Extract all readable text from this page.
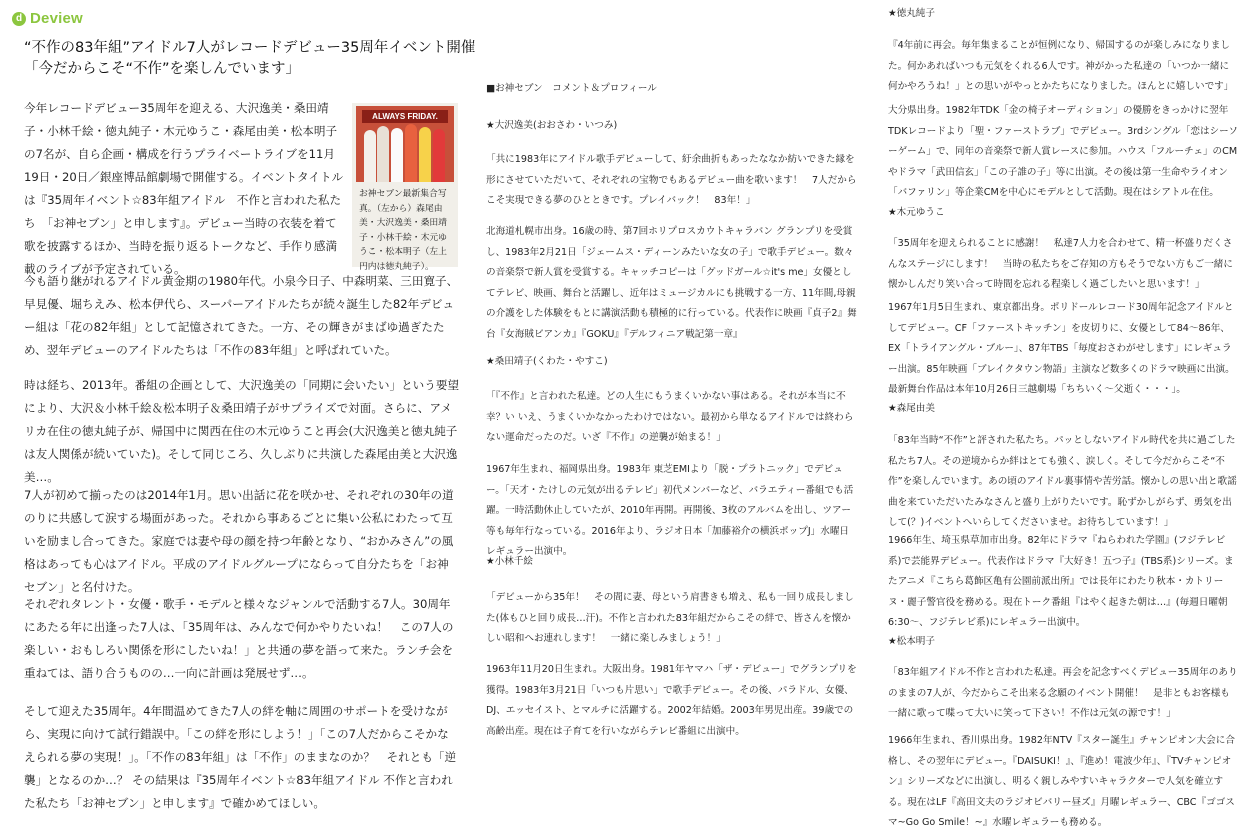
d Deview
“不作の83年組”アイドル7人がレコードデビュー35周年イベント開催
「今だからこそ“不作”を楽しんでいます」

今年レコードデビュー35周年を迎える、大沢逸美・桑田靖子・小林千絵・徳丸純子・木元ゆうこ・森尾由美・松本明子の7名が、自ら企画・構成を行うプライベートライブを11月19日・20日／銀座博品館劇場で開催する。イベントタイトルは『35周年イベント☆83年組アイドル　不作と言われた私たち　「お神セブン」と申します』。デビュー当時の衣装を着て歌を披露するほか、当時を振り返るトークなど、手作り感満載のライブが予定されている。

ALWAYS FRIDAY.

お神セブン最新集合写真。（左から）森尾由美・大沢逸美・桑田靖子・小林千絵・木元ゆうこ・松本明子（左上円内は徳丸純子）。

今も語り継がれるアイドル黄金期の1980年代。小泉今日子、中森明菜、三田寛子、早見優、堀ちえみ、松本伊代ら、スーパーアイドルたちが続々誕生した82年デビュー組は「花の82年組」として記憶されてきた。一方、その輝きがまばゆ過ぎたため、翌年デビューのアイドルたちは「不作の83年組」と呼ばれていた。

時は経ち、2013年。番組の企画として、大沢逸美の「同期に会いたい」という要望により、大沢＆小林千絵＆松本明子＆桑田靖子がサプライズで対面。さらに、アメリカ在住の徳丸純子が、帰国中に関西在住の木元ゆうこと再会(大沢逸美と徳丸純子は友人関係が続いていた)。そして同じころ、久しぶりに共演した森尾由美と大沢逸美…。

7人が初めて揃ったのは2014年1月。思い出話に花を咲かせ、それぞれの30年の道のりに共感して涙する場面があった。それから事あるごとに集い公私にわたって互いを励まし合ってきた。家庭では妻や母の顔を持つ年齢となり、“おかみさん”の風格はあっても心はアイドル。平成のアイドルグループにならって自分たちを「お神セブン」と名付けた。

それぞれタレント・女優・歌手・モデルと様々なジャンルで活動する7人。30周年にあたる年に出逢った7人は、「35周年は、みんなで何かやりたいね！　この7人の楽しい・おもしろい関係を形にしたいね！」と共通の夢を語って来た。ランチ会を重ねては、語り合うものの…一向に計画は発展せず…。

そして迎えた35周年。4年間温めてきた7人の絆を軸に周囲のサポートを受けながら、実現に向けて試行錯誤中。「この絆を形にしよう！」「この7人だからこそかなえられる夢の実現！」。「不作の83年組」は「不作」のままなのか？　それとも「逆襲」となるのか…？ その結果は『35周年イベント☆83年組アイドル 不作と言われた私たち「お神セブン」と申します』で確かめてほしい。

■お神セブン　コメント＆プロフィール

★大沢逸美(おおさわ・いつみ)

「共に1983年にアイドル歌手デビューして、紆余曲折もあったななか紡いできた縁を形にさせていただいて、それぞれの宝物でもあるデビュー曲を歌います！　7人だからこそ実現できる夢のひとときです。プレイバック！　83年！」

北海道札幌市出身。16歳の時、第7回ホリプロスカウトキャラバン グランプリを受賞し、1983年2月21日「ジェームス・ディーンみたいな女の子」で歌手デビュー。数々の音楽祭で新人賞を受賞する。キャッチコピーは「グッドガール☆it's me」女優としてテレビ、映画、舞台と活躍し、近年はミュージカルにも挑戦する一方、11年間,母親の介護をした体験をもとに講演活動も積極的に行っている。代表作に映画『貞子2』舞台『女海賊ビアンカ』『GOKU』『デルフィニア戦記第一章』

★桑田靖子(くわた・やすこ)

「『不作』と言われた私達。どの人生にもうまくいかない事はある。それが本当に不幸？い いえ、うまくいかなかったわけではない。最初から単なるアイドルでは終わらない運命だったのだ。いざ『不作』の逆襲が始まる！」

1967年生まれ、福岡県出身。1983年 東芝EMIより「脱・プラトニック」でデビュー。「天才・たけしの元気が出るテレビ」初代メンバーなど、バラエティー番組でも活躍。一時活動休止していたが、2010年再開。再開後、3枚のアルバムを出し、ツアー等も毎年行なっている。2016年より、ラジオ日本「加藤裕介の横浜ポップJ」水曜日レギュラー出演中。

★小林千絵

「デビューから35年！　その間に妻、母という肩書きも増え、私も一回り成長しました(体もひと回り成長…汗)。不作と言われた83年組だからこその絆で、皆さんを懐かしい昭和へお連れします！　一緒に楽しみましょう！」

1963年11月20日生まれ。大阪出身。1981年ヤマハ「ザ・デビュー」でグランプリを獲得。1983年3月21日「いつも片思い」で歌手デビュー。その後、パラドル、女優、DJ、エッセイスト、とマルチに活躍する。2002年結婚。2003年男児出産。39歳での高齢出産。現在は子育てを行いながらテレビ番組に出演中。

★徳丸純子

『4年前に再会。毎年集まることが恒例になり、帰国するのが楽しみになりました。何かあればいつも元気をくれる6人です。神がかった私達の「いつか一緒に何かやろうね！」との思いがやっとかたちになりました。ほんとに嬉しいです」

大分県出身。1982年TDK「金の椅子オーディション」の優勝をきっかけに翌年TDKレコードより「聖・ファーストラブ」でデビュー。3rdシングル「恋はシーソーゲーム」で、同年の音楽祭で新人賞レースに参加。ハウス「フルーチェ」のCMやドラマ「武田信玄」「この子誰の子」等に出演。その後は第一生命やライオン「バファリン」等企業CMを中心にモデルとして活動。現在はシアトル在住。

★木元ゆうこ

「35周年を迎えられることに感謝！　私達7人力を合わせて、精一杯盛りだくさんなステージにします！　当時の私たちをご存知の方もそうでない方もご一緒に懐かしんだり笑い合って時間を忘れる程楽しく過ごしたいと思います！」

1967年1月5日生まれ、東京都出身。ポリドールレコード30周年記念アイドルとしてデビュー。CF「ファーストキッチン」を皮切りに、女優として84〜86年、EX「トライアングル・ブルー」、87年TBS「毎度おさわがせします」にレギュラー出演。85年映画「ブレイクタウン物語」主演など数多くのドラマ映画に出演。最新舞台作品は本年10月26日三越劇場「ちちいく〜父逝く・・・」。

★森尾由美

「83年当時“不作”と評された私たち。パッとしないアイドル時代を共に過ごした私たち7人。その逆境からか絆はとても強く、涙しく。そして今だからこそ“不作”を楽しんでいます。あの頃のアイドル裏事情や苦労話。懐かしの思い出と歌謡曲を来ていただいたみなさんと盛り上がりたいです。恥ずかしがらず、勇気を出して(？)イベントへいらしてくださいませ。お待ちしています！」

1966年生、埼玉県草加市出身。82年にドラマ『ねらわれた学園』(フジテレビ系)で芸能界デビュー。代表作はドラマ『大好き！五つ子』(TBS系)シリーズ。またアニメ『こちら葛飾区亀有公園前派出所』では長年にわたり秋本・カトリーヌ・麗子警官役を務める。現在トーク番組『はやく起きた朝は…』(毎週日曜朝6:30〜、フジテレビ系)にレギュラー出演中。

★松本明子

「83年組アイドル不作と言われた私達。再会を記念すべくデビュー35周年のありのままの7人が、今だからこそ出来る念願のイベント開催！　是非ともお客様も一緒に歌って喋って大いに笑って下さい！不作は元気の源です！」

1966年生まれ、香川県出身。1982年NTV『スター誕生』チャンピオン大会に合格し、その翌年にデビュー。『DAISUKI！』、『進め！電波少年』、『TVチャンピオン』シリーズなどに出演し、明るく親しみやすいキャラクターで人気を確立する。現在はLF『高田文夫のラジオビバリー昼ズ』月曜レギュラー、CBC『ゴゴスマ~Go Go Smile！~』水曜レギュラーも務める。
